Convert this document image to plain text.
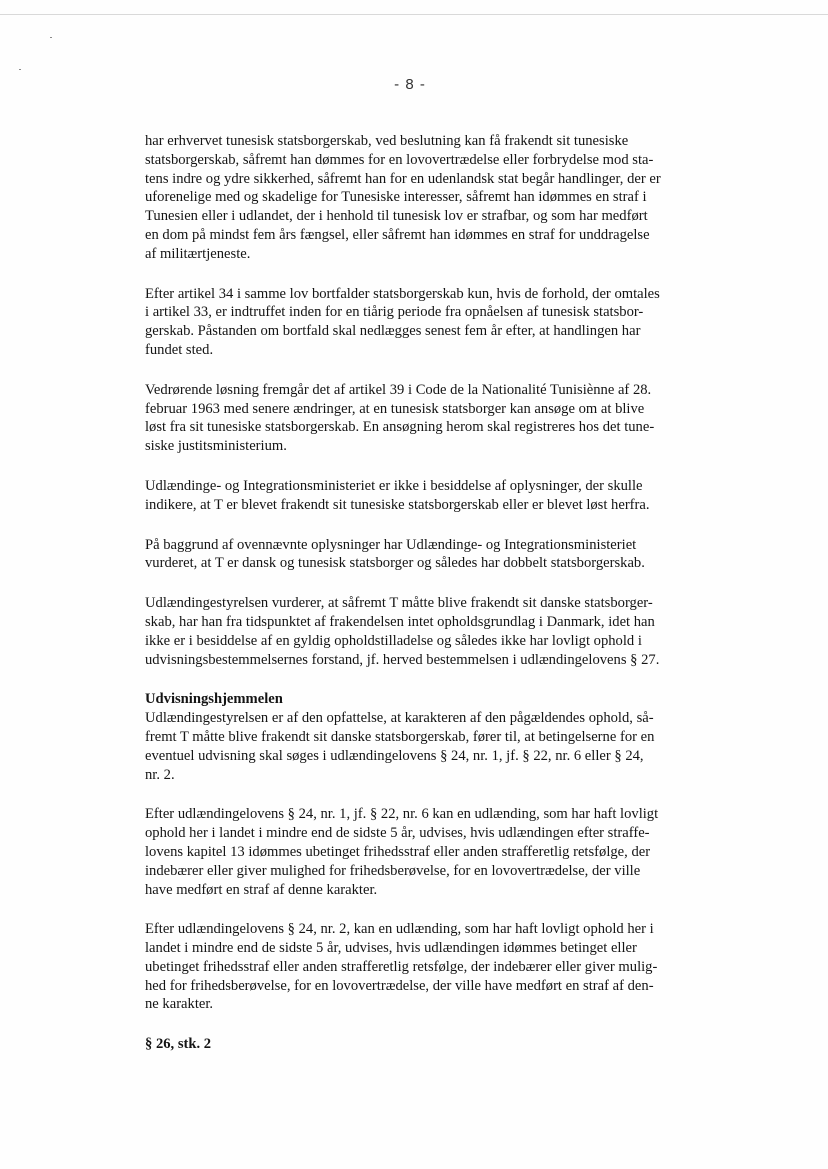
- 8 -
har erhvervet tunesisk statsborgerskab, ved beslutning kan få frakendt sit tunesiske
statsborgerskab, såfremt han dømmes for en lovovertrædelse eller forbrydelse mod sta-
tens indre og ydre sikkerhed, såfremt han for en udenlandsk stat begår handlinger, der er
uforenelige med og skadelige for Tunesiske interesser, såfremt han idømmes en straf i
Tunesien eller i udlandet, der i henhold til tunesisk lov er strafbar, og som har medført
en dom på mindst fem års fængsel, eller såfremt han idømmes en straf for unddragelse
af militærtjeneste.
Efter artikel 34 i samme lov bortfalder statsborgerskab kun, hvis de forhold, der omtales
i artikel 33, er indtruffet inden for en tiårig periode fra opnåelsen af tunesisk statsbor-
gerskab. Påstanden om bortfald skal nedlægges senest fem år efter, at handlingen har
fundet sted.
Vedrørende løsning fremgår det af artikel 39 i Code de la Nationalité Tunisiènne af 28.
februar 1963 med senere ændringer, at en tunesisk statsborger kan ansøge om at blive
løst fra sit tunesiske statsborgerskab. En ansøgning herom skal registreres hos det tune-
siske justitsministerium.
Udlændinge- og Integrationsministeriet er ikke i besiddelse af oplysninger, der skulle
indikere, at T er blevet frakendt sit tunesiske statsborgerskab eller er blevet løst herfra.
På baggrund af ovennævnte oplysninger har Udlændinge- og Integrationsministeriet
vurderet, at T er dansk og tunesisk statsborger og således har dobbelt statsborgerskab.
Udlændingestyrelsen vurderer, at såfremt T måtte blive frakendt sit danske statsborger-
skab, har han fra tidspunktet af frakendelsen intet opholdsgrundlag i Danmark, idet han
ikke er i besiddelse af en gyldig opholdstilladelse og således ikke har lovligt ophold i
udvisningsbestemmelsernes forstand, jf. herved bestemmelsen i udlændingelovens § 27.
Udvisningshjemmelen
Udlændingestyrelsen er af den opfattelse, at karakteren af den pågældendes ophold, så-
fremt T måtte blive frakendt sit danske statsborgerskab, fører til, at betingelserne for en
eventuel udvisning skal søges i udlændingelovens § 24, nr. 1, jf. § 22, nr. 6 eller § 24,
nr. 2.
Efter udlændingelovens § 24, nr. 1, jf. § 22, nr. 6 kan en udlænding, som har haft lovligt
ophold her i landet i mindre end de sidste 5 år, udvises, hvis udlændingen efter straffe-
lovens kapitel 13 idømmes ubetinget frihedsstraf eller anden strafferetlig retsfølge, der
indebærer eller giver mulighed for frihedsberøvelse, for en lovovertrædelse, der ville
have medført en straf af denne karakter.
Efter udlændingelovens § 24, nr. 2, kan en udlænding, som har haft lovligt ophold her i
landet i mindre end de sidste 5 år, udvises, hvis udlændingen idømmes betinget eller
ubetinget frihedsstraf eller anden strafferetlig retsfølge, der indebærer eller giver mulig-
hed for frihedsberøvelse, for en lovovertrædelse, der ville have medført en straf af den-
ne karakter.
§ 26, stk. 2
